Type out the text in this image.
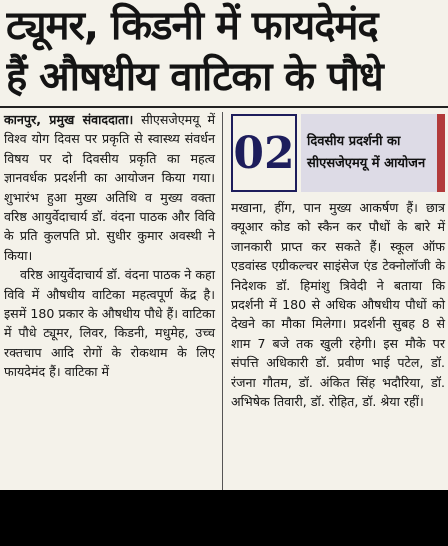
ट्यूमर, किडनी में फायदेमंद
हैं औषधीय वाटिका के पौधे

कानपुर, प्रमुख संवाददाता। सीएसजेएमयू में विश्व योग दिवस पर प्रकृति से स्वास्थ्य संवर्धन विषय पर दो दिवसीय प्रकृति का महत्व ज्ञानवर्धक प्रदर्शनी का आयोजन किया गया। शुभारंभ हुआ मुख्य अतिथि व मुख्य वक्ता वरिष्ठ आयुर्वेदाचार्य डॉ. वंदना पाठक और विवि के प्रति कुलपति प्रो. सुधीर कुमार अवस्थी ने किया।

वरिष्ठ आयुर्वेदाचार्य डॉ. वंदना पाठक ने कहा विवि में औषधीय वाटिका महत्वपूर्ण केंद्र है। इसमें 180 प्रकार के औषधीय पौधे हैं। वाटिका में पौधे ट्यूमर, लिवर, किडनी, मधुमेह, उच्च रक्तचाप आदि रोगों के रोकथाम के लिए फायदेमंद हैं। वाटिका में

02 दिवसीय प्रदर्शनी का
सीएसजेएमयू में आयोजन

मखाना, हींग, पान मुख्य आकर्षण हैं। छात्र क्यूआर कोड को स्कैन कर पौधों के बारे में जानकारी प्राप्त कर सकते हैं। स्कूल ऑफ एडवांस्ड एग्रीकल्चर साइंसेज एंड टेक्नोलॉजी के निदेशक डॉ. हिमांशु त्रिवेदी ने बताया कि प्रदर्शनी में 180 से अधिक औषधीय पौधों को देखने का मौका मिलेगा। प्रदर्शनी सुबह 8 से शाम 7 बजे तक खुली रहेगी। इस मौके पर संपत्ति अधिकारी डॉ. प्रवीण भाई पटेल, डॉ. रंजना गौतम, डॉ. अंकित सिंह भदौरिया, डॉ. अभिषेक तिवारी, डॉ. रोहित, डॉ. श्रेया रहीं।
